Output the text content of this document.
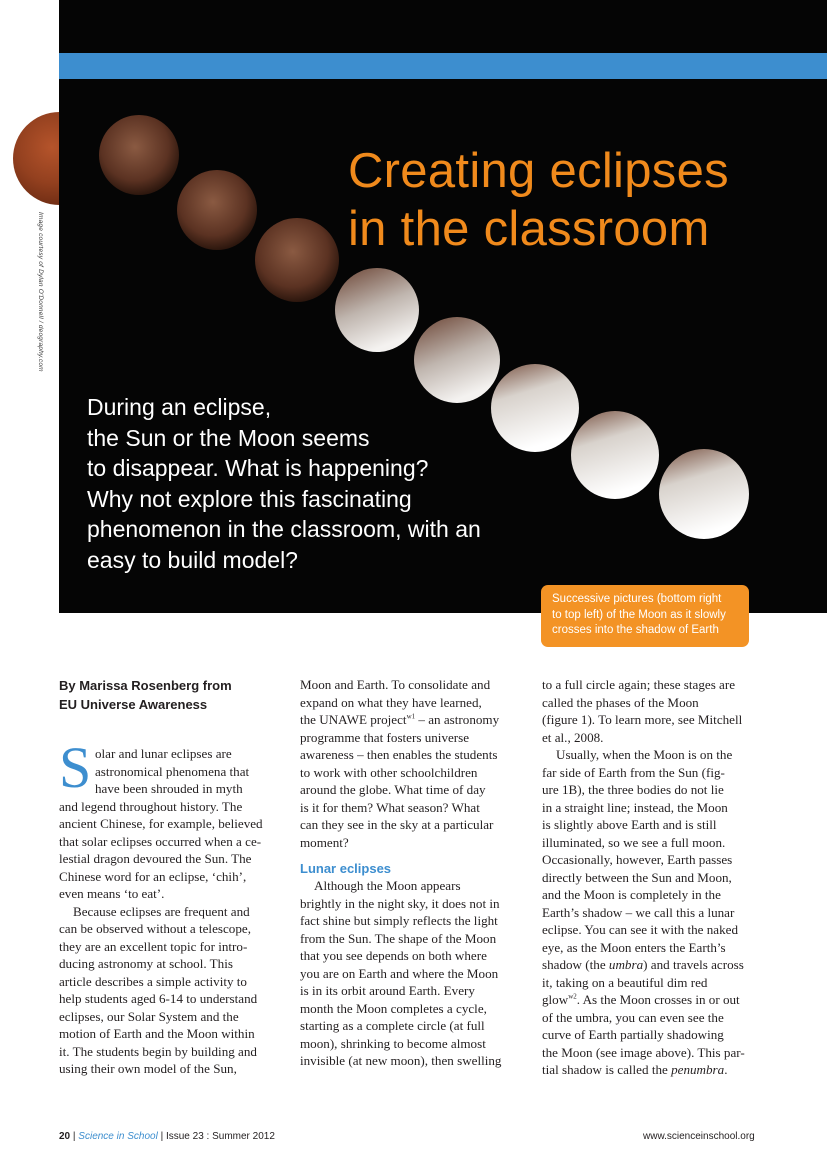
Image courtesy of Dylan O'Donnell / deography.com
Creating eclipses
in the classroom

During an eclipse,
the Sun or the Moon seems
to disappear. What is happening?
Why not explore this fascinating
phenomenon in the classroom, with an
easy to build model?

Successive pictures (bottom right
to top left) of the Moon as it slowly
crosses into the shadow of Earth
By Marissa Rosenberg from
EU Universe Awareness
S olar and lunar eclipses are
astronomical phenomena that
have been shrouded in myth
and legend throughout history. The
ancient Chinese, for example, believed
that solar eclipses occurred when a ce-
lestial dragon devoured the Sun. The
Chinese word for an eclipse, ‘chih’,
even means ‘to eat’.
Because eclipses are frequent and
can be observed without a telescope,
they are an excellent topic for intro-
ducing astronomy at school. This
article describes a simple activity to
help students aged 6-14 to understand
eclipses, our Solar System and the
motion of Earth and the Moon within
it. The students begin by building and
using their own model of the Sun,
Moon and Earth. To consolidate and
expand on what they have learned,
the UNAWE project$^{w1}$ – an astronomy
programme that fosters universe
awareness – then enables the students
to work with other schoolchildren
around the globe. What time of day
is it for them? What season? What
can they see in the sky at a particular
moment?
Lunar eclipses
Although the Moon appears
brightly in the night sky, it does not in
fact shine but simply reflects the light
from the Sun. The shape of the Moon
that you see depends on both where
you are on Earth and where the Moon
is in its orbit around Earth. Every
month the Moon completes a cycle,
starting as a complete circle (at full
moon), shrinking to become almost
invisible (at new moon), then swelling
to a full circle again; these stages are
called the phases of the Moon
(figure 1). To learn more, see Mitchell
et al., 2008.
Usually, when the Moon is on the
far side of Earth from the Sun (fig-
ure 1B), the three bodies do not lie
in a straight line; instead, the Moon
is slightly above Earth and is still
illuminated, so we see a full moon.
Occasionally, however, Earth passes
directly between the Sun and Moon,
and the Moon is completely in the
Earth’s shadow – we call this a lunar
eclipse. You can see it with the naked
eye, as the Moon enters the Earth’s
shadow (the umbra) and travels across
it, taking on a beautiful dim red
glow$^{w2}$. As the Moon crosses in or out
of the umbra, you can even see the
curve of Earth partially shadowing
the Moon (see image above). This par-
tial shadow is called the penumbra.
20 | Science in School | Issue 23 : Summer 2012	www.scienceinschool.org
